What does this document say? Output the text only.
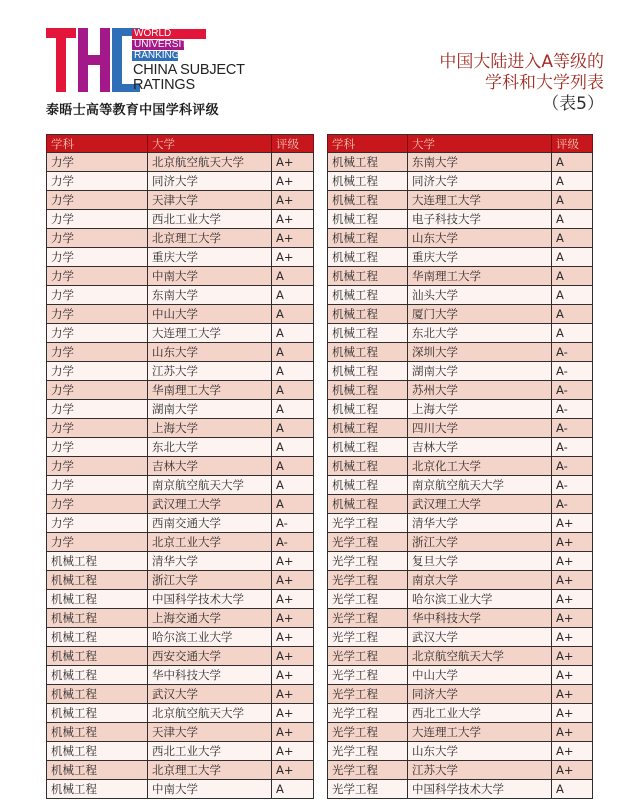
WORLD
UNIVERSITY
RANKINGS
CHINA SUBJECT
RATINGS
泰晤士高等教育中国学科评级
中国大陆进入A等级的
学科和大学列表
（表5）
学科	大学	评级
力学	北京航空航天大学	A+
力学	同济大学	A+
力学	天津大学	A+
力学	西北工业大学	A+
力学	北京理工大学	A+
力学	重庆大学	A+
力学	中南大学	A
力学	东南大学	A
力学	中山大学	A
力学	大连理工大学	A
力学	山东大学	A
力学	江苏大学	A
力学	华南理工大学	A
力学	湖南大学	A
力学	上海大学	A
力学	东北大学	A
力学	吉林大学	A
力学	南京航空航天大学	A
力学	武汉理工大学	A
力学	西南交通大学	A-
力学	北京工业大学	A-
机械工程	清华大学	A+
机械工程	浙江大学	A+
机械工程	中国科学技术大学	A+
机械工程	上海交通大学	A+
机械工程	哈尔滨工业大学	A+
机械工程	西安交通大学	A+
机械工程	华中科技大学	A+
机械工程	武汉大学	A+
机械工程	北京航空航天大学	A+
机械工程	天津大学	A+
机械工程	西北工业大学	A+
机械工程	北京理工大学	A+
机械工程	中南大学	A
学科	大学	评级
机械工程	东南大学	A
机械工程	同济大学	A
机械工程	大连理工大学	A
机械工程	电子科技大学	A
机械工程	山东大学	A
机械工程	重庆大学	A
机械工程	华南理工大学	A
机械工程	汕头大学	A
机械工程	厦门大学	A
机械工程	东北大学	A
机械工程	深圳大学	A-
机械工程	湖南大学	A-
机械工程	苏州大学	A-
机械工程	上海大学	A-
机械工程	四川大学	A-
机械工程	吉林大学	A-
机械工程	北京化工大学	A-
机械工程	南京航空航天大学	A-
机械工程	武汉理工大学	A-
光学工程	清华大学	A+
光学工程	浙江大学	A+
光学工程	复旦大学	A+
光学工程	南京大学	A+
光学工程	哈尔滨工业大学	A+
光学工程	华中科技大学	A+
光学工程	武汉大学	A+
光学工程	北京航空航天大学	A+
光学工程	中山大学	A+
光学工程	同济大学	A+
光学工程	西北工业大学	A+
光学工程	大连理工大学	A+
光学工程	山东大学	A+
光学工程	江苏大学	A+
光学工程	中国科学技术大学	A
